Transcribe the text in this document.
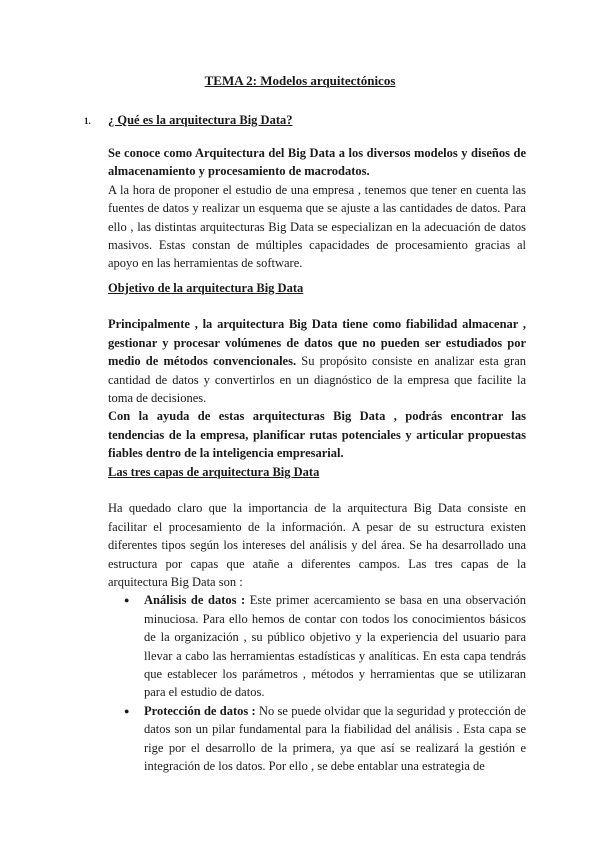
TEMA 2: Modelos arquitectónicos
1. ¿ Qué es la arquitectura Big Data?
Se conoce como Arquitectura del Big Data a los diversos modelos y diseños de almacenamiento y procesamiento de macrodatos.
A la hora de proponer el estudio de una empresa , tenemos que tener en cuenta las fuentes de datos y realizar un esquema que se ajuste a las cantidades de datos. Para ello , las distintas arquitecturas Big Data se especializan en la adecuación de datos masivos. Estas constan de múltiples capacidades de procesamiento gracias al apoyo en las herramientas de software.
Objetivo de la arquitectura Big Data
Principalmente , la arquitectura Big Data tiene como fiabilidad almacenar , gestionar y procesar volúmenes de datos que no pueden ser estudiados por medio de métodos convencionales. Su propósito consiste en analizar esta gran cantidad de datos y convertirlos en un diagnóstico de la empresa que facilite la toma de decisiones.
Con la ayuda de estas arquitecturas Big Data , podrás encontrar las tendencias de la empresa, planificar rutas potenciales y articular propuestas fiables dentro de la inteligencia empresarial.
Las tres capas de arquitectura Big Data
Ha quedado claro que la importancia de la arquitectura Big Data consiste en facilitar el procesamiento de la información. A pesar de su estructura existen diferentes tipos según los intereses del análisis y del área. Se ha desarrollado una estructura por capas que atañe a diferentes campos. Las tres capas de la arquitectura Big Data son :
● Análisis de datos : Este primer acercamiento se basa en una observación minuciosa. Para ello hemos de contar con todos los conocimientos básicos de la organización , su público objetivo y la experiencia del usuario para llevar a cabo las herramientas estadísticas y analíticas. En esta capa tendrás que establecer los parámetros , métodos y herramientas que se utilizaran para el estudio de datos.
● Protección de datos : No se puede olvidar que la seguridad y protección de datos son un pilar fundamental para la fiabilidad del análisis . Esta capa se rige por el desarrollo de la primera, ya que así se realizará la gestión e integración de los datos. Por ello , se debe entablar una estrategia de
